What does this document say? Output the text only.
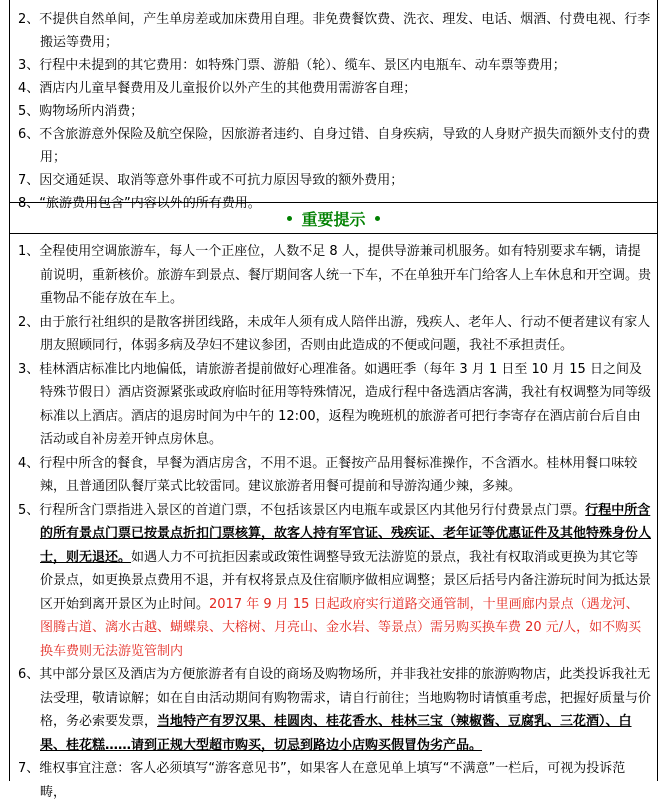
2、不提供自然单间，产生单房差或加床费用自理。非免费餐饮费、洗衣、理发、电话、烟酒、付费电视、行李搬运等费用；

3、行程中未提到的其它费用：如特殊门票、游船（轮）、缆车、景区内电瓶车、动车票等费用；

4、酒店内儿童早餐费用及儿童报价以外产生的其他费用需游客自理；

5、购物场所内消费；

6、不含旅游意外保险及航空保险，因旅游者违约、自身过错、自身疾病，导致的人身财产损失而额外支付的费用；

7、因交通延误、取消等意外事件或不可抗力原因导致的额外费用；

8、“旅游费用包含”内容以外的所有费用。

重要提示

1、全程使用空调旅游车，每人一个正座位，人数不足 8 人，提供导游兼司机服务。如有特别要求车辆，请提前说明，重新核价。旅游车到景点、餐厅期间客人统一下车，不在单独开车门给客人上车休息和开空调。贵重物品不能存放在车上。

2、由于旅行社组织的是散客拼团线路，未成年人须有成人陪伴出游，残疾人、老年人、行动不便者建议有家人朋友照顾同行，体弱多病及孕妇不建议参团，否则由此造成的不便或问题，我社不承担责任。

3、桂林酒店标准比内地偏低，请旅游者提前做好心理准备。如遇旺季（每年 3 月 1 日至 10 月 15 日之间及特殊节假日）酒店资源紧张或政府临时征用等特殊情况，造成行程中备选酒店客满，我社有权调整为同等级标准以上酒店。酒店的退房时间为中午的 12:00，返程为晚班机的旅游者可把行李寄存在酒店前台后自由活动或自补房差开钟点房休息。

4、行程中所含的餐食，早餐为酒店房含，不用不退。正餐按产品用餐标准操作，不含酒水。桂林用餐口味较辣，且普通团队餐厅菜式比较雷同。建议旅游者用餐可提前和导游沟通少辣，多辣。

5、行程所含门票指进入景区的首道门票，不包括该景区内电瓶车或景区内其他另行付费景点门票。行程中所含的所有景点门票已按景点折扣门票核算，故客人持有军官证、残疾证、老年证等优惠证件及其他特殊身份人士，则无退还。如遇人力不可抗拒因素或政策性调整导致无法游览的景点，我社有权取消或更换为其它等价景点，如更换景点费用不退，并有权将景点及住宿顺序做相应调整；景区后括号内备注游玩时间为抵达景区开始到离开景区为止时间。2017 年 9 月 15 日起政府实行道路交通管制，十里画廊内景点（遇龙河、图腾古道、漓水古越、蝴蝶泉、大榕树、月亮山、金水岩、等景点）需另购买换车费 20 元/人，如不购买换车费则无法游览管制内

6、其中部分景区及酒店为方便旅游者有自设的商场及购物场所，并非我社安排的旅游购物店，此类投诉我社无法受理，敬请谅解；如在自由活动期间有购物需求，请自行前往；当地购物时请慎重考虑，把握好质量与价格，务必索要发票，当地特产有罗汉果、桂圆肉、桂花香水、桂林三宝（辣椒酱、豆腐乳、三花酒）、白果、桂花糕……请到正规大型超市购买，切忌到路边小店购买假冒伪劣产品。

7、维权事宜注意：客人必须填写“游客意见书”，如果客人在意见单上填写“不满意”一栏后，可视为投诉范畴，
